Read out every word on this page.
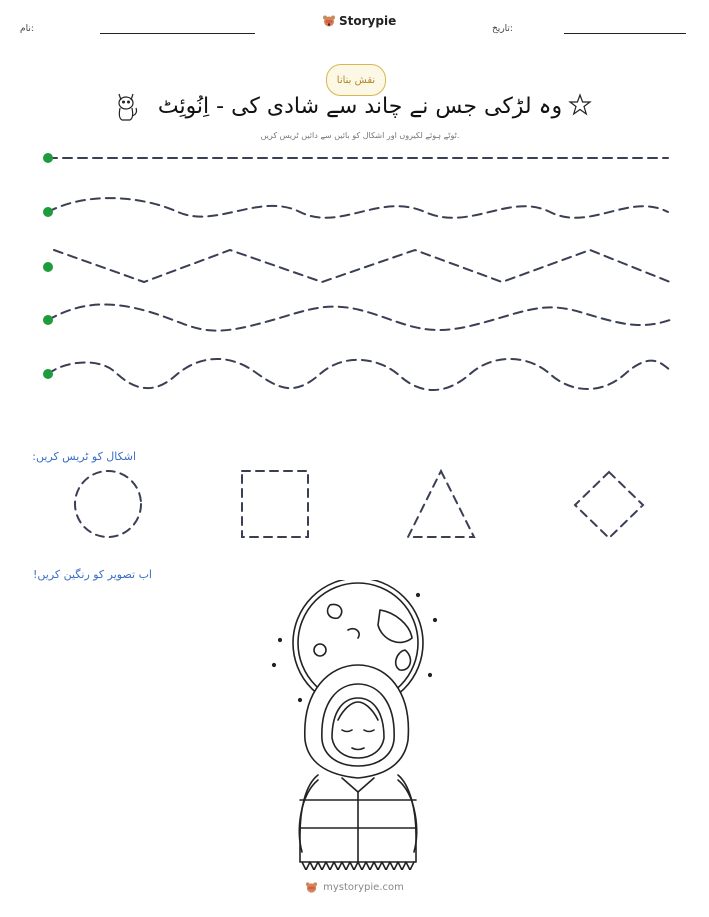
نام:
Storypie
تاریخ:
نقش بنانا
وہ لڑکی جس نے چاند سے شادی کی - اِنُوئِٹ
ٹوٹے ہوئے لکیروں اور اشکال کو بائیں سے دائیں ٹریس کریں.
اشکال کو ٹریس کریں:
اب تصویر کو رنگین کریں!
mystorypie.com
